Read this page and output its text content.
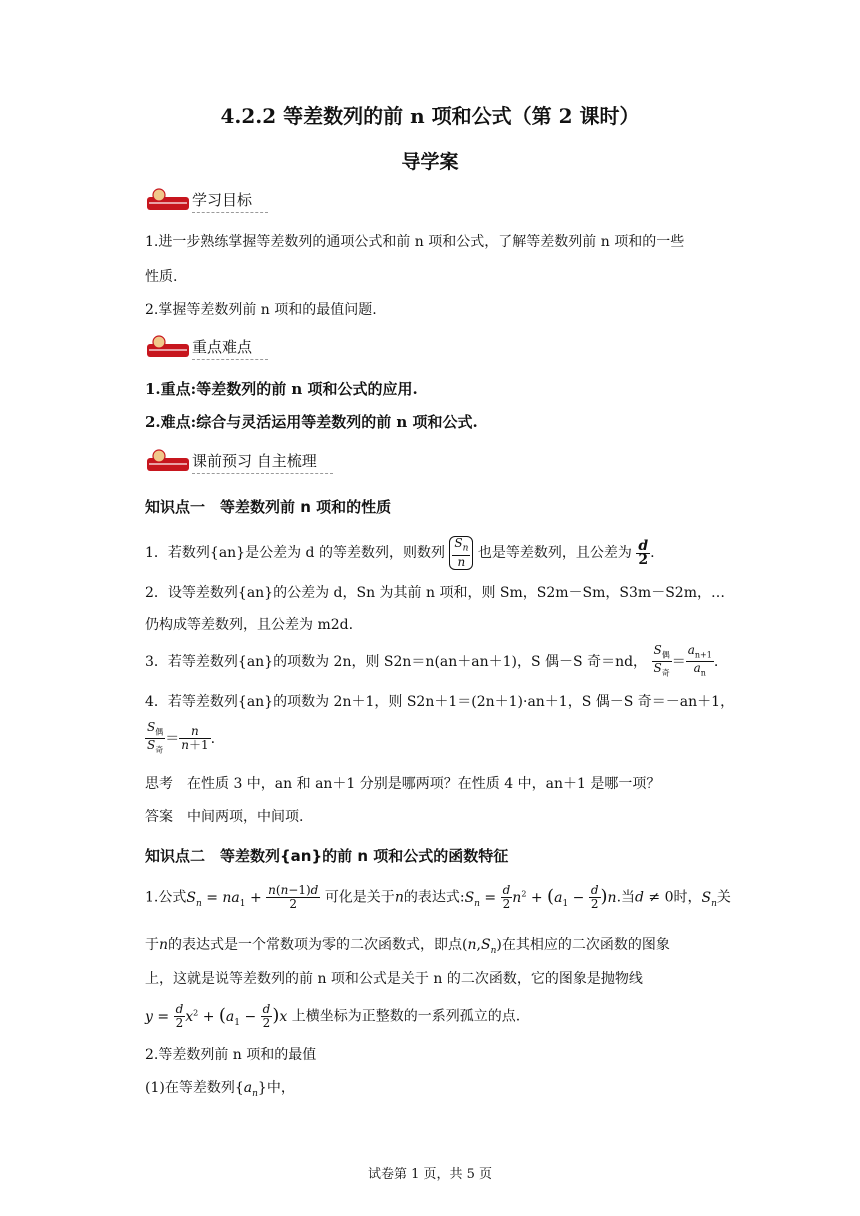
4.2.2 等差数列的前 n 项和公式（第 2 课时）
导学案
学习目标
1.进一步熟练掌握等差数列的通项公式和前 n 项和公式，了解等差数列前 n 项和的一些
性质.
2.掌握等差数列前 n 项和的最值问题.
重点难点
1.重点:等差数列的前 n 项和公式的应用.
2.难点:综合与灵活运用等差数列的前 n 项和公式.
课前预习 自主梳理
知识点一　等差数列前 n 项和的性质
1．若数列{an}是公差为 d 的等差数列，则数列 $\frac{S_n}{n}$ 也是等差数列，且公差为 $\frac{d}{2}$ .
2．设等差数列{an}的公差为 d，Sn 为其前 n 项和，则 Sm，S2m－Sm，S3m－S2m，…
仍构成等差数列，且公差为 m2d.
3．若等差数列{an}的项数为 2n，则 S2n＝n(an＋an＋1)，S 偶－S 奇＝nd， $\frac{S_偶}{S_奇} = \frac{a_{n+1}}{a_n}$ .
4．若等差数列{an}的项数为 2n＋1，则 S2n＋1＝(2n＋1)·an＋1，S 偶－S 奇＝－an＋1，
$\frac{S_偶}{S_奇} = \frac{n}{n+1}$ .
思考　在性质 3 中，an 和 an＋1 分别是哪两项？在性质 4 中，an＋1 是哪一项？
答案　中间两项，中间项.
知识点二　等差数列{an}的前 n 项和公式的函数特征
1.公式$S_n = na_1 + \frac{n(n-1)d}{2}$ 可化是关于n的表达式$:S_n = \frac{d}{2} n^2 + (a_1 - \frac{d}{2} )n$.当d ≠ 0时，$S_n$关
于n的表达式是一个常数项为零的二次函数式，即点$(n,S_n)$在其相应的二次函数的图象
上，这就是说等差数列的前 n 项和公式是关于 n 的二次函数，它的图象是抛物线
$y = \frac{d}{2} x^2 + (a_1 - \frac{d}{2} )x$ 上横坐标为正整数的一系列孤立的点.
2.等差数列前 n 项和的最值
(1)在等差数列$\{a_n\}$中，
试卷第 1 页，共 5 页
